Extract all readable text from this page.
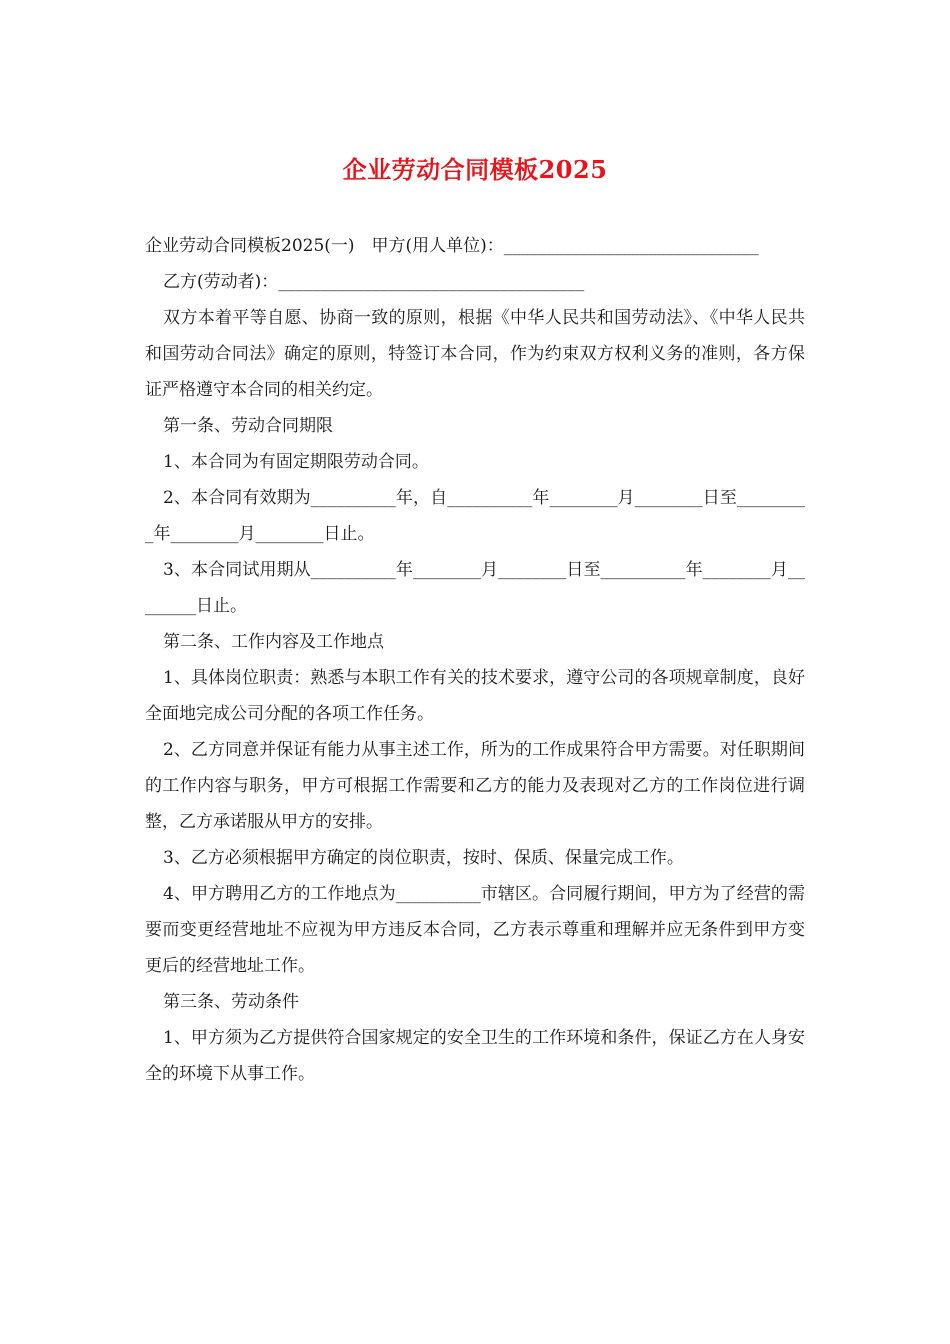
企业劳动合同模板2025

企业劳动合同模板2025(一)　甲方(用人单位)：______________________________

乙方(劳动者)：____________________________________

双方本着平等自愿、协商一致的原则，根据《中华人民共和国劳动法》、《中华人民共和国劳动合同法》确定的原则，特签订本合同，作为约束双方权利义务的准则，各方保证严格遵守本合同的相关约定。

第一条、劳动合同期限

1、本合同为有固定期限劳动合同。

2、本合同有效期为__________年，自__________年________月________日至_________年________月________日止。

3、本合同试用期从__________年________月________日至__________年________月________日止。

第二条、工作内容及工作地点

1、具体岗位职责：熟悉与本职工作有关的技术要求，遵守公司的各项规章制度，良好全面地完成公司分配的各项工作任务。

2、乙方同意并保证有能力从事主述工作，所为的工作成果符合甲方需要。对任职期间的工作内容与职务，甲方可根据工作需要和乙方的能力及表现对乙方的工作岗位进行调整，乙方承诺服从甲方的安排。

3、乙方必须根据甲方确定的岗位职责，按时、保质、保量完成工作。

4、甲方聘用乙方的工作地点为__________市辖区。合同履行期间，甲方为了经营的需要而变更经营地址不应视为甲方违反本合同，乙方表示尊重和理解并应无条件到甲方变更后的经营地址工作。

第三条、劳动条件

1、甲方须为乙方提供符合国家规定的安全卫生的工作环境和条件，保证乙方在人身安全的环境下从事工作。
